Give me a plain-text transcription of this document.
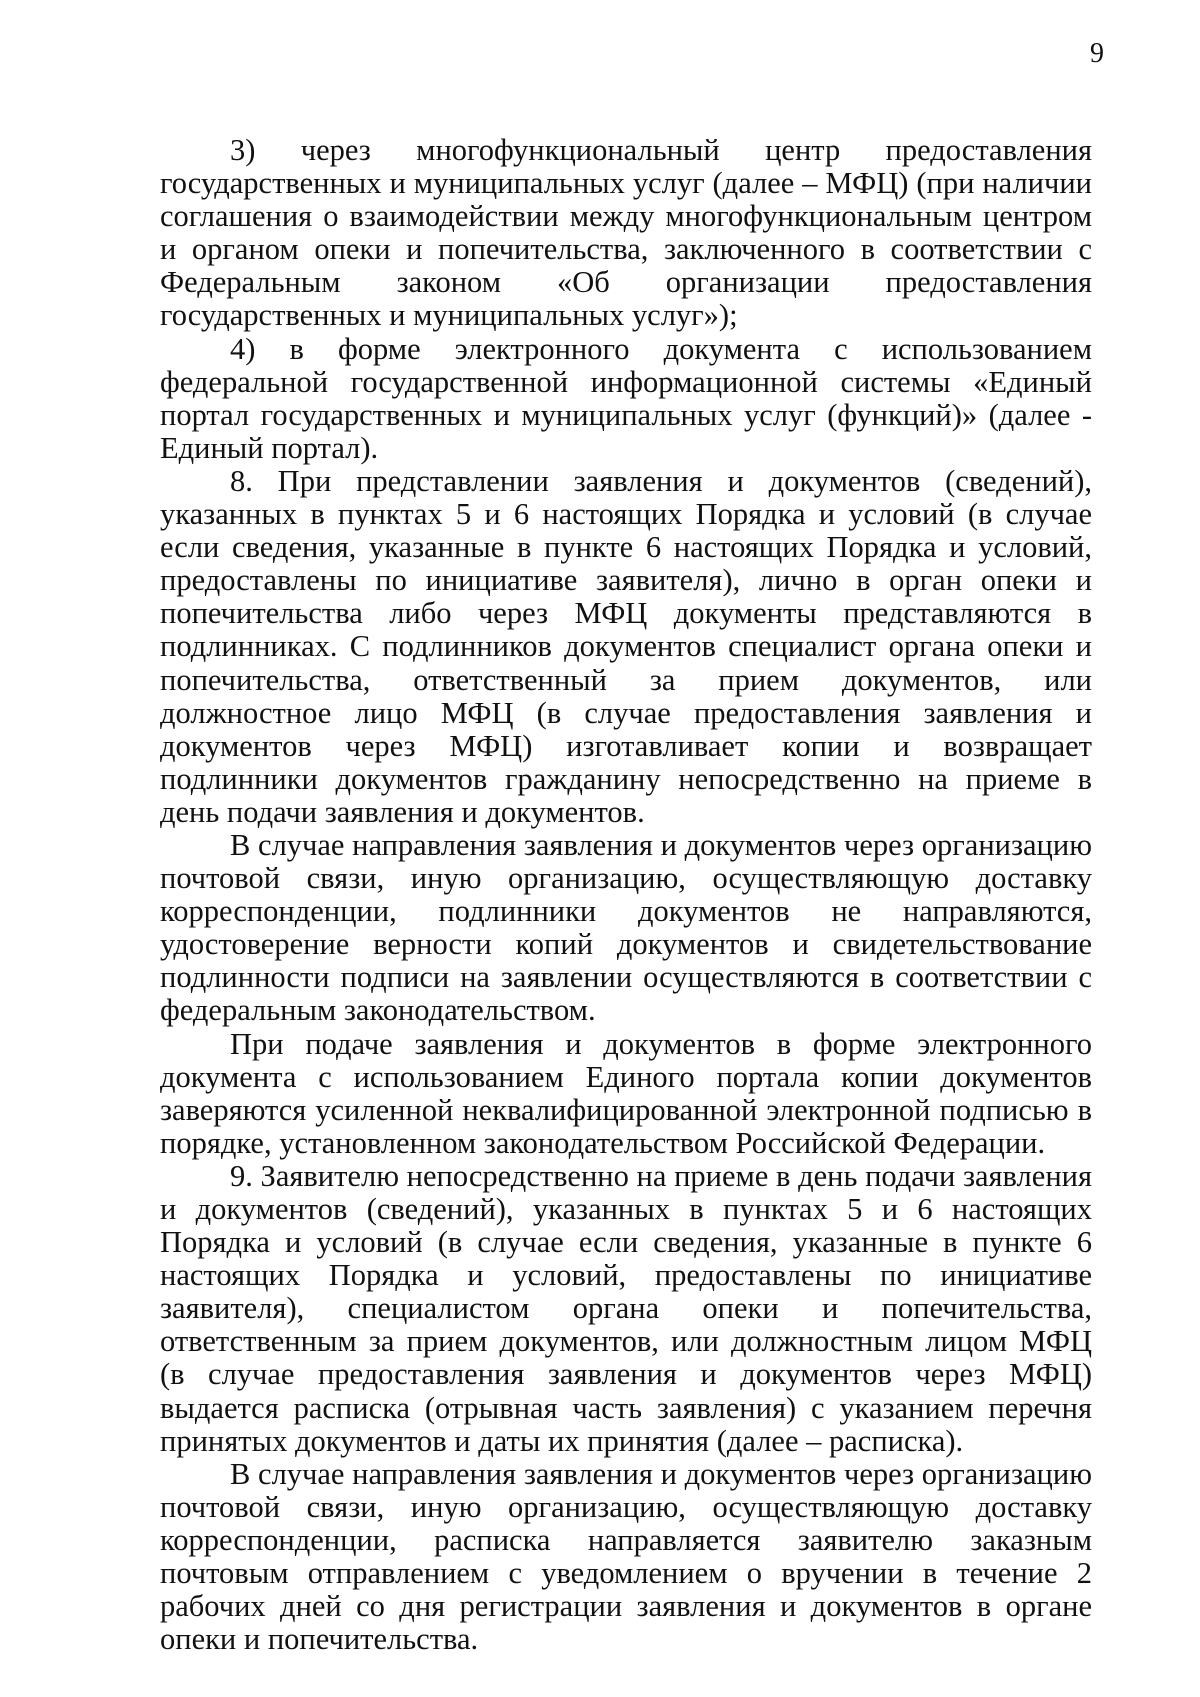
9

3) через многофункциональный центр предоставления государственных и муниципальных услуг (далее – МФЦ) (при наличии соглашения о взаимодействии между многофункциональным центром и органом опеки и попечительства, заключенного в соответствии с Федеральным законом «Об организации предоставления государственных и муниципальных услуг»);

4) в форме электронного документа с использованием федеральной государственной информационной системы «Единый портал государственных и муниципальных услуг (функций)» (далее - Единый портал).

8. При представлении заявления и документов (сведений), указанных в пунктах 5 и 6 настоящих Порядка и условий (в случае если сведения, указанные в пункте 6 настоящих Порядка и условий, предоставлены по инициативе заявителя), лично в орган опеки и попечительства либо через МФЦ документы представляются в подлинниках. С подлинников документов специалист органа опеки и попечительства, ответственный за прием документов, или должностное лицо МФЦ (в случае предоставления заявления и документов через МФЦ) изготавливает копии и возвращает подлинники документов гражданину непосредственно на приеме в день подачи заявления и документов.

В случае направления заявления и документов через организацию почтовой связи, иную организацию, осуществляющую доставку корреспонденции, подлинники документов не направляются, удостоверение верности копий документов и свидетельствование подлинности подписи на заявлении осуществляются в соответствии с федеральным законодательством.

При подаче заявления и документов в форме электронного документа с использованием Единого портала копии документов заверяются усиленной неквалифицированной электронной подписью в порядке, установленном законодательством Российской Федерации.

9. Заявителю непосредственно на приеме в день подачи заявления и документов (сведений), указанных в пунктах 5 и 6 настоящих Порядка и условий (в случае если сведения, указанные в пункте 6 настоящих Порядка и условий, предоставлены по инициативе заявителя), специалистом органа опеки и попечительства, ответственным за прием документов, или должностным лицом МФЦ (в случае предоставления заявления и документов через МФЦ) выдается расписка (отрывная часть заявления) с указанием перечня принятых документов и даты их принятия (далее – расписка).

В случае направления заявления и документов через организацию почтовой связи, иную организацию, осуществляющую доставку корреспонденции, расписка направляется заявителю заказным почтовым отправлением с уведомлением о вручении в течение 2 рабочих дней со дня регистрации заявления и документов в органе опеки и попечительства.
